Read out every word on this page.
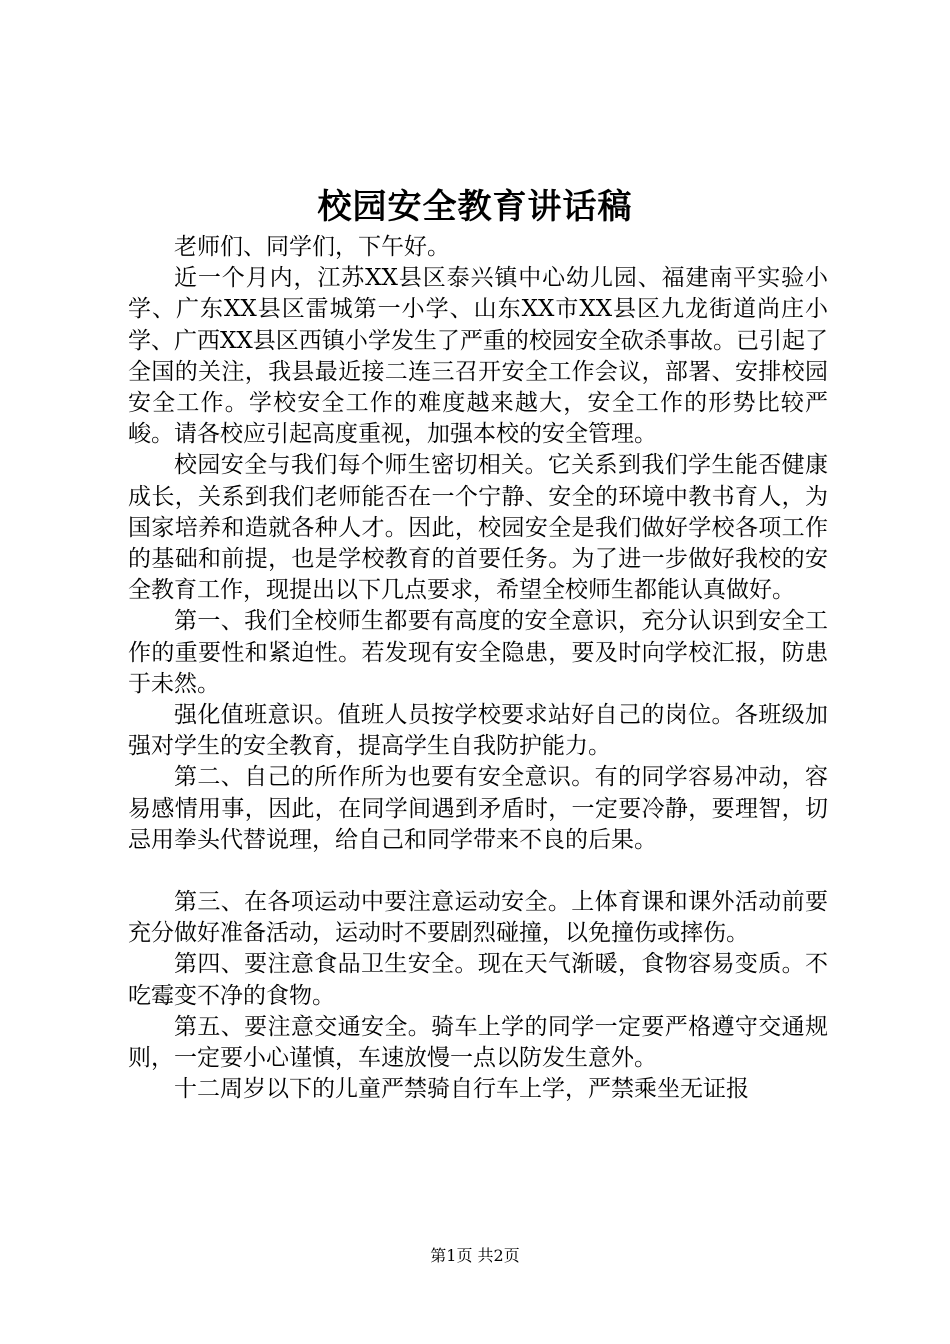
校园安全教育讲话稿

老师们、同学们，下午好。

近一个月内，江苏XX县区泰兴镇中心幼儿园、福建南平实验小学、广东XX县区雷城第一小学、山东XX市XX县区九龙街道尚庄小学、广西XX县区西镇小学发生了严重的校园安全砍杀事故。已引起了全国的关注，我县最近接二连三召开安全工作会议，部署、安排校园安全工作。学校安全工作的难度越来越大，安全工作的形势比较严峻。请各校应引起高度重视，加强本校的安全管理。

校园安全与我们每个师生密切相关。它关系到我们学生能否健康成长，关系到我们老师能否在一个宁静、安全的环境中教书育人，为国家培养和造就各种人才。因此，校园安全是我们做好学校各项工作的基础和前提，也是学校教育的首要任务。为了进一步做好我校的安全教育工作，现提出以下几点要求，希望全校师生都能认真做好。

第一、我们全校师生都要有高度的安全意识，充分认识到安全工作的重要性和紧迫性。若发现有安全隐患，要及时向学校汇报，防患于未然。

强化值班意识。值班人员按学校要求站好自己的岗位。各班级加强对学生的安全教育，提高学生自我防护能力。

第二、自己的所作所为也要有安全意识。有的同学容易冲动，容易感情用事，因此，在同学间遇到矛盾时，一定要冷静，要理智，切忌用拳头代替说理，给自己和同学带来不良的后果。

第三、在各项运动中要注意运动安全。上体育课和课外活动前要充分做好准备活动，运动时不要剧烈碰撞，以免撞伤或摔伤。

第四、要注意食品卫生安全。现在天气渐暖，食物容易变质。不吃霉变不净的食物。

第五、要注意交通安全。骑车上学的同学一定要严格遵守交通规则，一定要小心谨慎，车速放慢一点以防发生意外。

十二周岁以下的儿童严禁骑自行车上学，严禁乘坐无证报

第1页 共2页
